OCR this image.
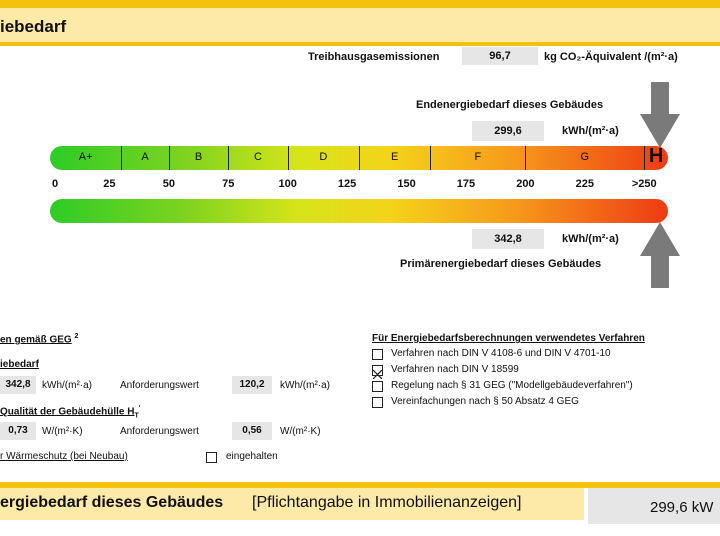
iebedarf
Treibhausgasemissionen	96,7	kg CO₂-Äquivalent /(m²·a)
Endenergiebedarf dieses Gebäudes
299,6	kWh/(m²·a)
A+	A	B	C	D	E	F	G	H
0	25	50	75	100	125	150	175	200	225	>250
342,8	kWh/(m²·a)
Primärenergiebedarf dieses Gebäudes
en gemäß GEG $^2$
iebedarf
342,8	kWh/(m²·a)	Anforderungswert	120,2	kWh/(m²·a)
Qualität der Gebäudehülle $H_T'$
0,73	W/(m²·K)	Anforderungswert	0,56	W/(m²·K)
r Wärmeschutz (bei Neubau)	eingehalten
Für Energiebedarfsberechnungen verwendetes Verfahren
Verfahren nach DIN V 4108-6 und DIN V 4701-10
Verfahren nach DIN V 18599
Regelung nach § 31 GEG ("Modellgebäudeverfahren")
Vereinfachungen nach § 50 Absatz 4 GEG
ergiebedarf dieses Gebäudes [Pflichtangabe in Immobilienanzeigen]	299,6 kW
